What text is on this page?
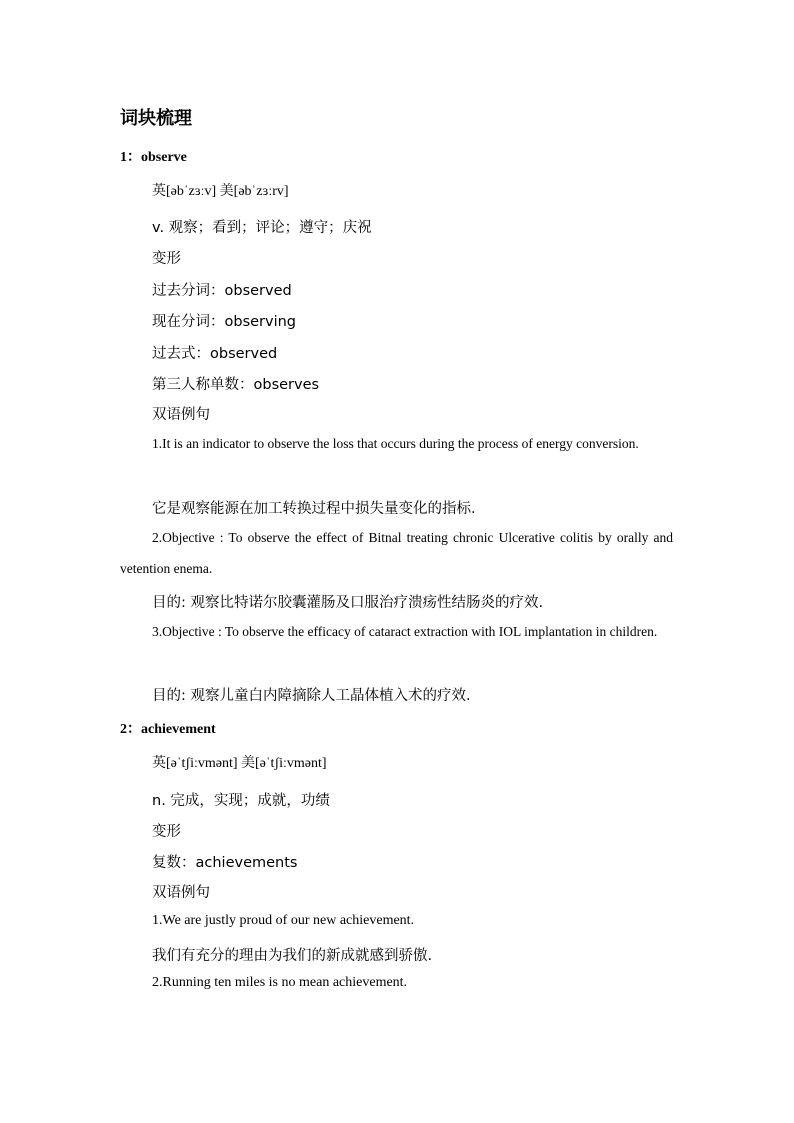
词块梳理
1：observe
英[əbˈzɜːv] 美[əbˈzɜːrv]
v. 观察；看到；评论；遵守；庆祝
变形
过去分词：observed
现在分词：observing
过去式：observed
第三人称单数：observes
双语例句
1.It is an indicator to observe the loss that occurs during the process of energy conversion.
它是观察能源在加工转换过程中损失量变化的指标.
2.Objective : To observe the effect of Bitnal treating chronic Ulcerative colitis by orally and vetention enema.
目的: 观察比特诺尔胶囊灌肠及口服治疗溃疡性结肠炎的疗效.
3.Objective : To observe the efficacy of cataract extraction with IOL implantation in children.
目的: 观察儿童白内障摘除人工晶体植入术的疗效.
2：achievement
英[əˈtʃiːvmənt] 美[əˈtʃiːvmənt]
n. 完成，实现；成就，功绩
变形
复数：achievements
双语例句
1.We are justly proud of our new achievement.
我们有充分的理由为我们的新成就感到骄傲.
2.Running ten miles is no mean achievement.
